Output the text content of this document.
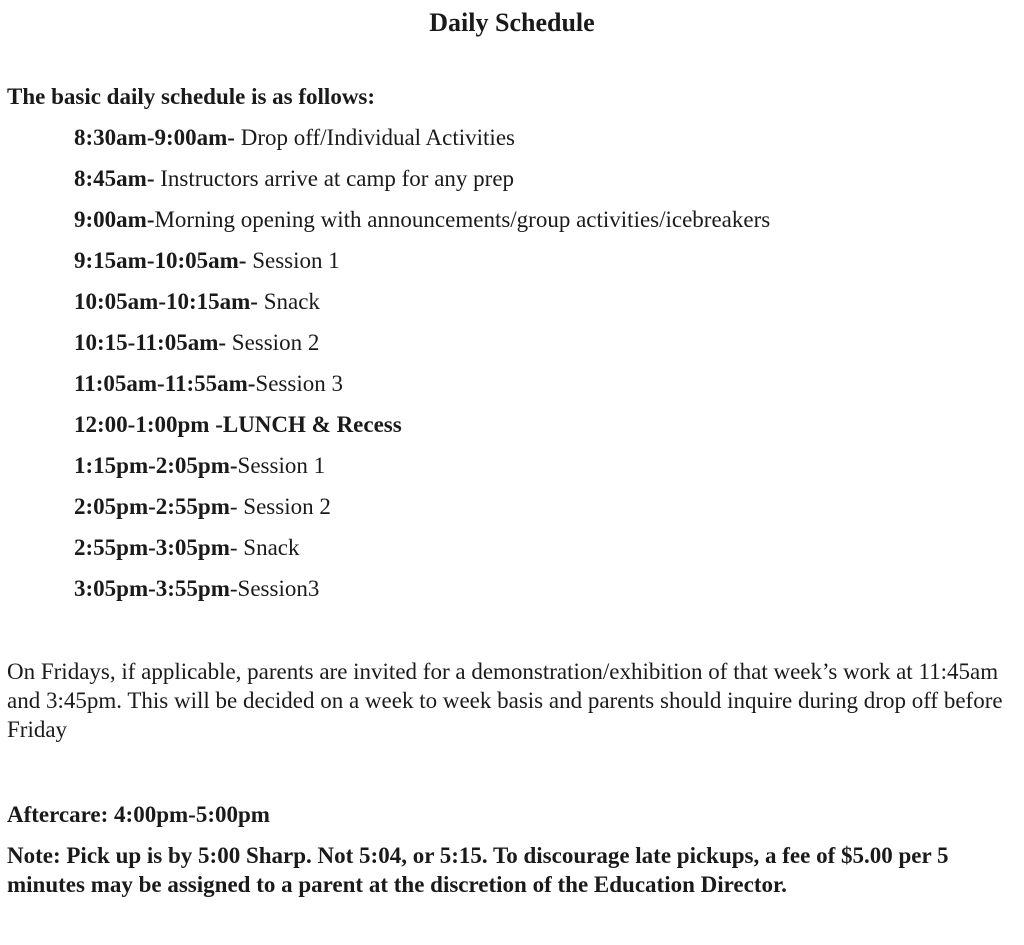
Daily Schedule
The basic daily schedule is as follows:
8:30am-9:00am- Drop off/Individual Activities
8:45am- Instructors arrive at camp for any prep
9:00am-Morning opening with announcements/group activities/icebreakers
9:15am-10:05am- Session 1
10:05am-10:15am- Snack
10:15-11:05am- Session 2
11:05am-11:55am-Session 3
12:00-1:00pm -LUNCH & Recess
1:15pm-2:05pm-Session 1
2:05pm-2:55pm- Session 2
2:55pm-3:05pm- Snack
3:05pm-3:55pm-Session3

On Fridays, if applicable, parents are invited for a demonstration/exhibition of that week’s work at 11:45am and 3:45pm. This will be decided on a week to week basis and parents should inquire during drop off before Friday

Aftercare: 4:00pm-5:00pm

Note: Pick up is by 5:00 Sharp. Not 5:04, or 5:15. To discourage late pickups, a fee of $5.00 per 5 minutes may be assigned to a parent at the discretion of the Education Director.
